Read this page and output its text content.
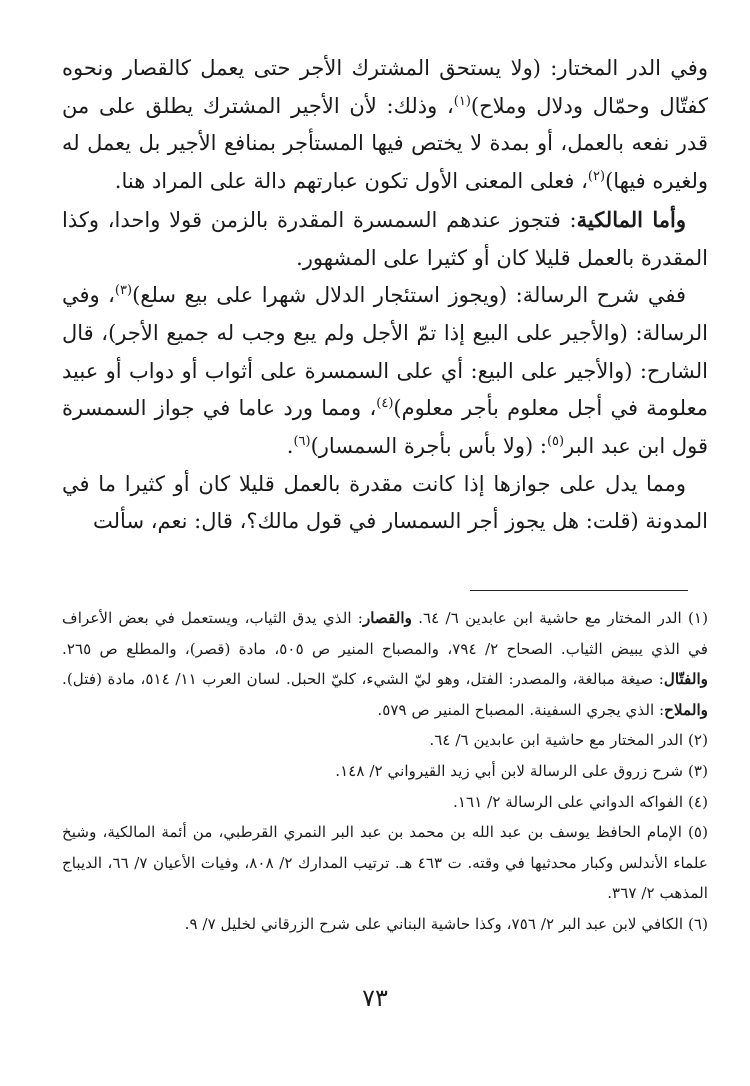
وفي الدر المختار: (ولا يستحق المشترك الأجر حتى يعمل كالقصار ونحوه كفتّال وحمّال ودلال وملاح)$^{(١)}$، وذلك: لأن الأجير المشترك يطلق على من قدر نفعه بالعمل، أو بمدة لا يختص فيها المستأجر بمنافع الأجير بل يعمل له ولغيره فيها)$^{(٢)}$، فعلى المعنى الأول تكون عبارتهم دالة على المراد هنا.

وأما المالكية: فتجوز عندهم السمسرة المقدرة بالزمن قولا واحدا، وكذا المقدرة بالعمل قليلا كان أو كثيرا على المشهور.

ففي شرح الرسالة: (ويجوز استئجار الدلال شهرا على بيع سلع)$^{(٣)}$، وفي الرسالة: (والأجير على البيع إذا تمّ الأجل ولم يبع وجب له جميع الأجر)، قال الشارح: (والأجير على البيع: أي على السمسرة على أثواب أو دواب أو عبيد معلومة في أجل معلوم بأجر معلوم)$^{(٤)}$، ومما ورد عاما في جواز السمسرة قول ابن عبد البر$^{(٥)}$: (ولا بأس بأجرة السمسار)$^{(٦)}$.

ومما يدل على جوازها إذا كانت مقدرة بالعمل قليلا كان أو كثيرا ما في المدونة (قلت: هل يجوز أجر السمسار في قول مالك؟، قال: نعم، سألت

(١) الدر المختار مع حاشية ابن عابدين ٦/ ٦٤. والقصار: الذي يدق الثياب، ويستعمل في بعض الأعراف في الذي يبيض الثياب. الصحاح ٢/ ٧٩٤، والمصباح المنير ص ٥٠٥، مادة (قصر)، والمطلع ص ٢٦٥. والفتّال: صيغة مبالغة، والمصدر: الفتل، وهو ليّ الشيء، كليّ الحبل. لسان العرب ١١/ ٥١٤، مادة (فتل). والملاح: الذي يجري السفينة. المصباح المنير ص ٥٧٩.

(٢) الدر المختار مع حاشية ابن عابدين ٦/ ٦٤.

(٣) شرح زروق على الرسالة لابن أبي زيد القيرواني ٢/ ١٤٨.

(٤) الفواكه الدواني على الرسالة ٢/ ١٦١.

(٥) الإمام الحافظ يوسف بن عبد الله بن محمد بن عبد البر النمري القرطبي، من أئمة المالكية، وشيخ علماء الأندلس وكبار محدثيها في وقته. ت ٤٦٣ هـ. ترتيب المدارك ٢/ ٨٠٨، وفيات الأعيان ٧/ ٦٦، الديباج المذهب ٢/ ٣٦٧.

(٦) الكافي لابن عبد البر ٢/ ٧٥٦، وكذا حاشية البناني على شرح الزرقاني لخليل ٧/ ٩.

٧٣
